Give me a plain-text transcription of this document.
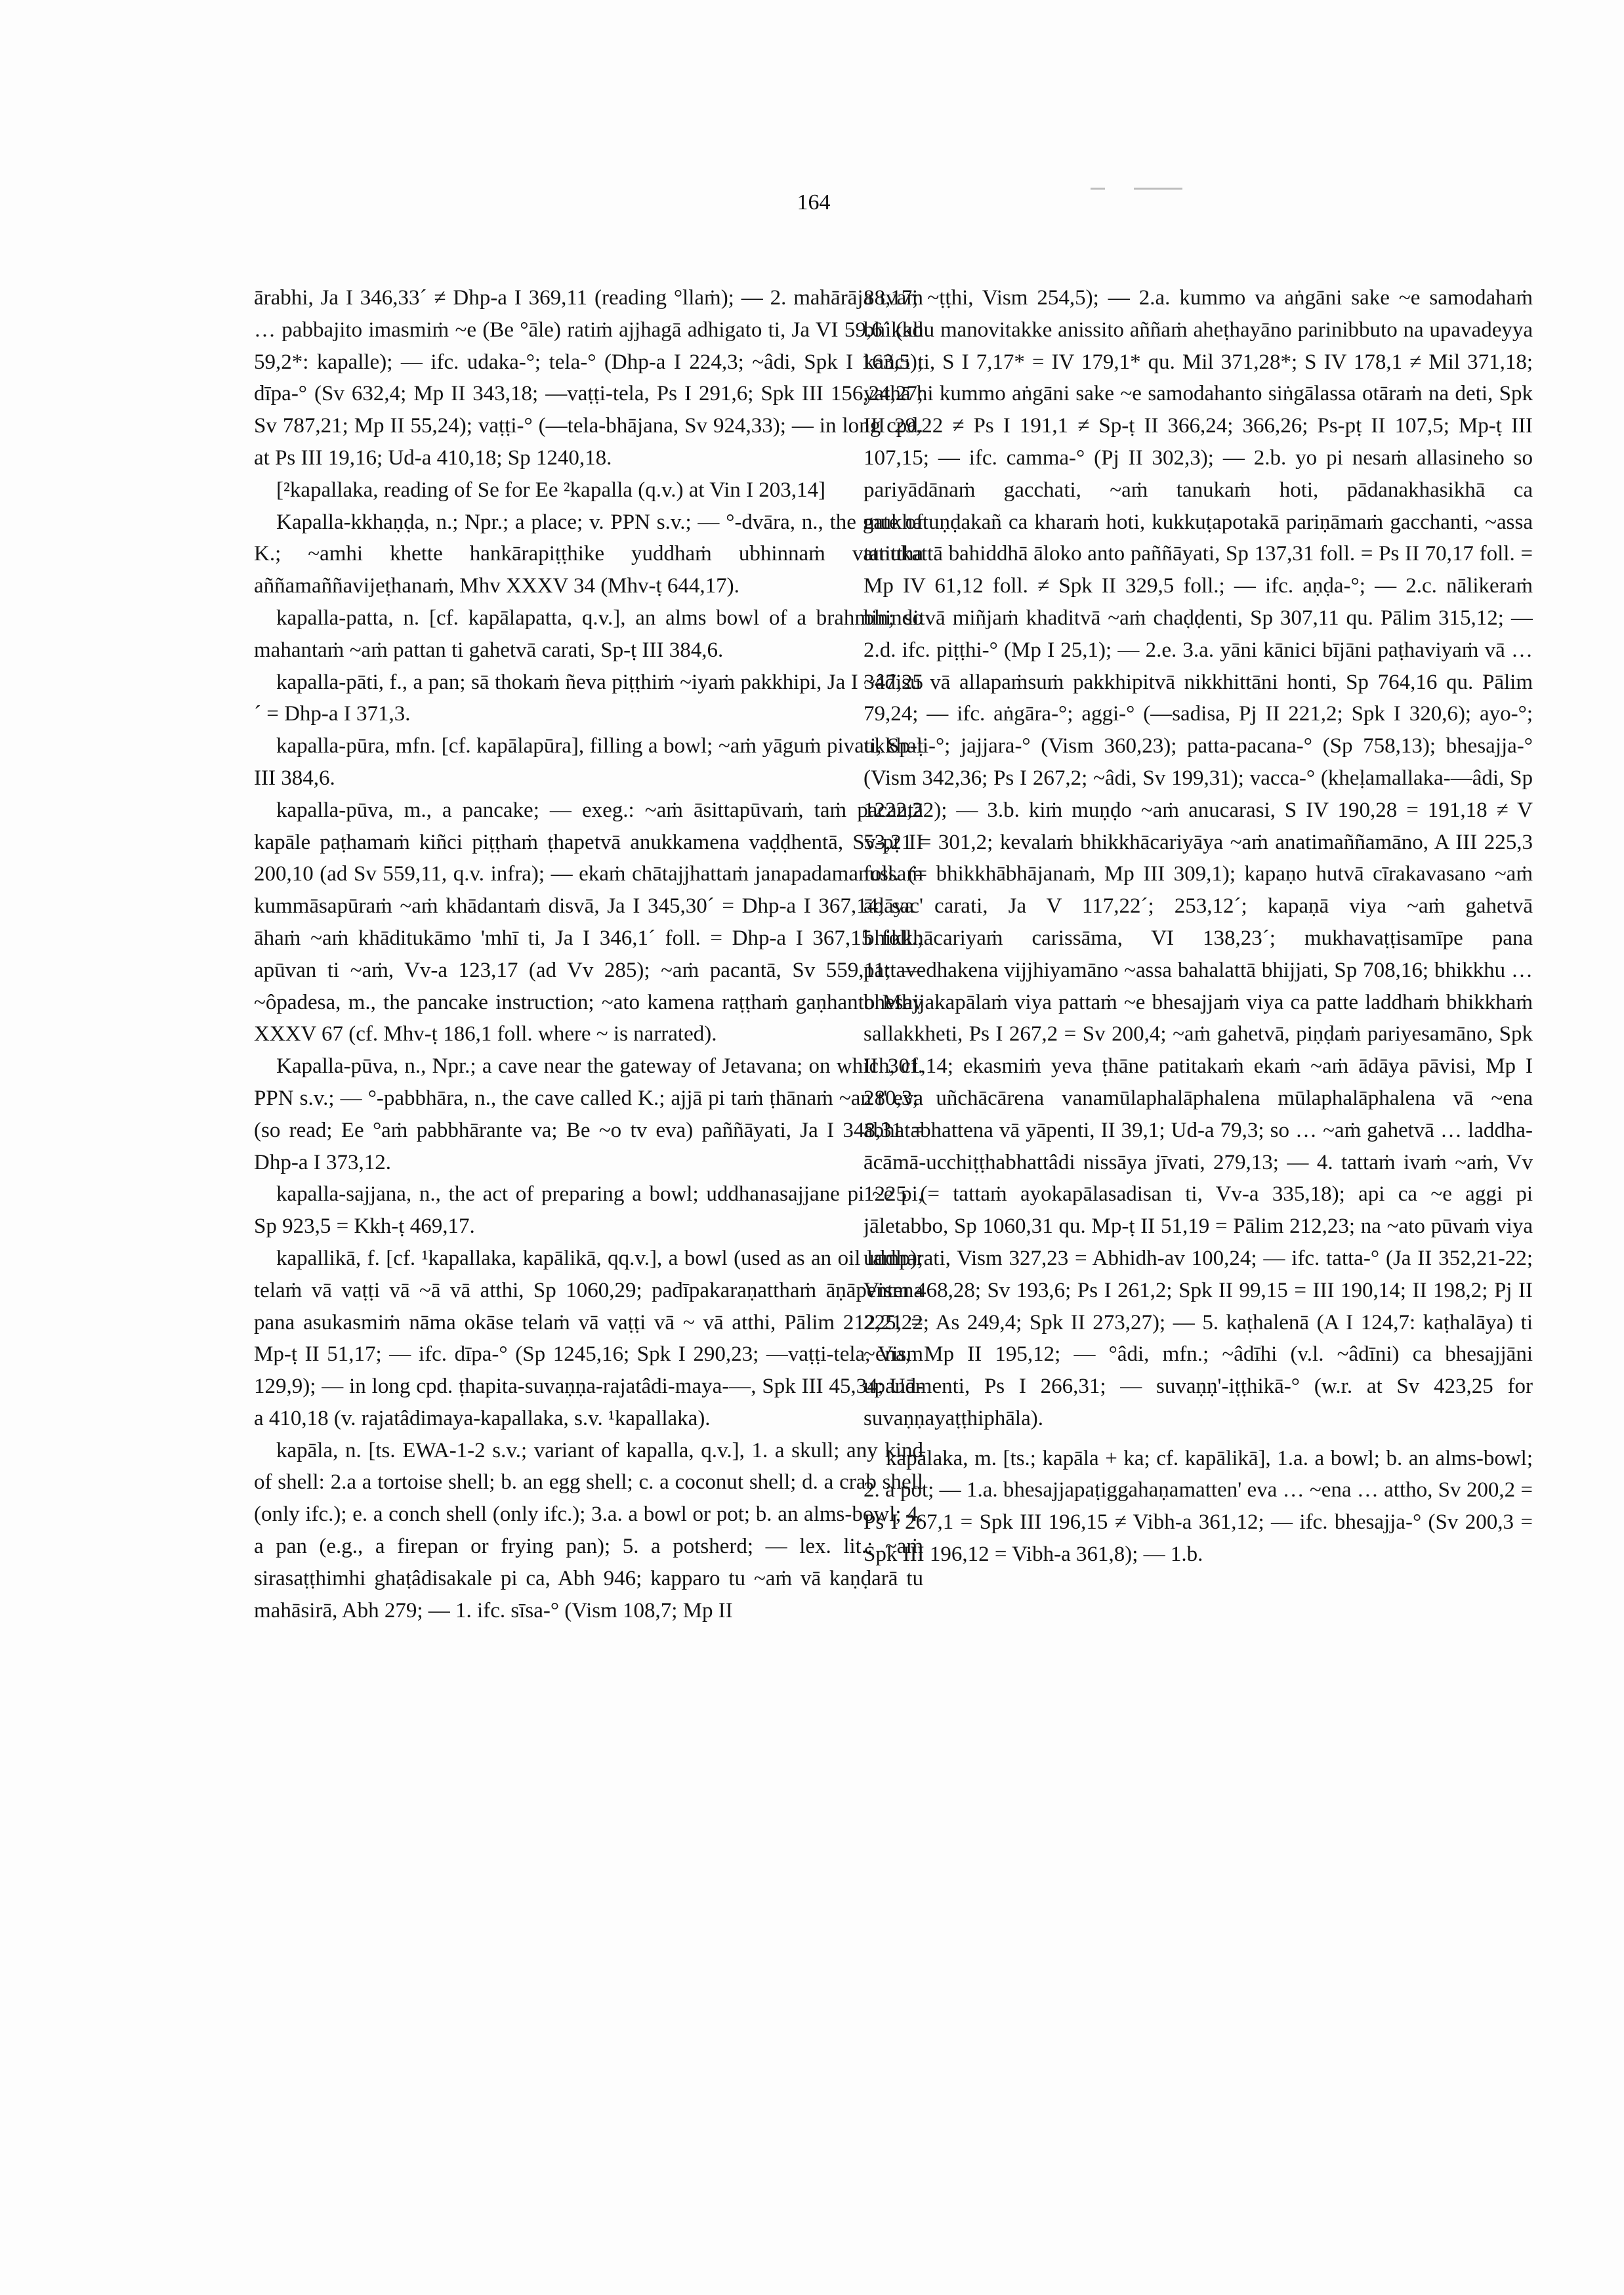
164

ārabhi, Ja I 346,33´ ≠ Dhp-a I 369,11 (reading °llaṁ); — 2. mahārāja tvaṁ … pabbajito imasmiṁ ~e (Be °āle) ratiṁ ajjhagā adhigato ti, Ja VI 59,6´ (ad 59,2*: kapalle); — ifc. udaka-°; tela-° (Dhp-a I 224,3; ~âdi, Spk I 163,5); dīpa-° (Sv 632,4; Mp II 343,18; —vaṭṭi-tela, Ps I 291,6; Spk III 156,24,27; Sv 787,21; Mp II 55,24); vaṭṭi-° (—tela-bhājana, Sv 924,33); — in long cpd. at Ps III 19,16; Ud-a 410,18; Sp 1240,18.

[²kapallaka, reading of Se for Ee ²kapalla (q.v.) at Vin I 203,14]

Kapalla-kkhaṇḍa, n.; Npr.; a place; v. PPN s.v.; — °-dvāra, n., the gate of K.; ~amhi khette hankārapiṭṭhike yuddhaṁ ubhinnaṁ vattittha aññamaññavijeṭhanaṁ, Mhv XXXV 34 (Mhv-ṭ 644,17).

kapalla-patta, n. [cf. kapālapatta, q.v.], an alms bowl of a brahmin; so mahantaṁ ~aṁ pattan ti gahetvā carati, Sp-ṭ III 384,6.

kapalla-pāti, f., a pan; sā thokaṁ ñeva piṭṭhiṁ ~iyaṁ pakkhipi, Ja I 347,25´ = Dhp-a I 371,3.

kapalla-pūra, mfn. [cf. kapālapūra], filling a bowl; ~aṁ yāguṁ pivati, Sp-ṭ III 384,6.

kapalla-pūva, m., a pancake; — exeg.: ~aṁ āsittapūvaṁ, taṁ pacantā kapāle paṭhamaṁ kiñci piṭṭhaṁ ṭhapetvā anukkamena vaḍḍhentā, Sv-pṭ II 200,10 (ad Sv 559,11, q.v. infra); — ekaṁ chātajjhattaṁ janapadamanussaṁ kummāsapūraṁ ~aṁ khādantaṁ disvā, Ja I 345,30´ = Dhp-a I 367,14; sac' āhaṁ ~aṁ khāditukāmo 'mhī ti, Ja I 346,1´ foll. = Dhp-a I 367,15 foll.; apūvan ti ~aṁ, Vv-a 123,17 (ad Vv 285); ~aṁ pacantā, Sv 559,11; — ~ôpadesa, m., the pancake instruction; ~ato kamena raṭṭhaṁ gaṇhanto Mhv XXXV 67 (cf. Mhv-ṭ 186,1 foll. where ~ is narrated).

Kapalla-pūva, n., Npr.; a cave near the gateway of Jetavana; on which, cf. PPN s.v.; — °-pabbhāra, n., the cave called K.; ajjā pi taṁ ṭhānaṁ ~an t' eva (so read; Ee °aṁ pabbhārante va; Be ~o tv eva) paññāyati, Ja I 348,31 = Dhp-a I 373,12.

kapalla-sajjana, n., the act of preparing a bowl; uddhanasajjane pi ~e pi, Sp 923,5 = Kkh-ṭ 469,17.

kapallikā, f. [cf. ¹kapallaka, kapālikā, qq.v.], a bowl (used as an oil lamp); telaṁ vā vaṭṭi vā ~ā vā atthi, Sp 1060,29; padīpakaraṇatthaṁ āṇāpentena pana asukasmiṁ nāma okāse telaṁ vā vaṭṭi vā ~ vā atthi, Pālim 212,21 = Mp-ṭ II 51,17; — ifc. dīpa-° (Sp 1245,16; Spk I 290,23; —vaṭṭi-tela, Vism 129,9); — in long cpd. ṭhapita-suvaṇṇa-rajatâdi-maya-—, Spk III 45,34; Ud-a 410,18 (v. rajatâdimaya-kapallaka, s.v. ¹kapallaka).

kapāla, n. [ts. EWA-1-2 s.v.; variant of kapalla, q.v.], 1. a skull; any kind of shell: 2.a a tortoise shell; b. an egg shell; c. a coconut shell; d. a crab shell (only ifc.); e. a conch shell (only ifc.); 3.a. a bowl or pot; b. an alms-bowl; 4. a pan (e.g., a firepan or frying pan); 5. a potsherd; — lex. lit.: ~aṁ sirasaṭṭhimhi ghaṭâdisakale pi ca, Abh 946; kapparo tu ~aṁ vā kaṇḍarā tu mahāsirā, Abh 279; — 1. ifc. sīsa-° (Vism 108,7; Mp II

88,17; ~ṭṭhi, Vism 254,5); — 2.a. kummo va aṅgāni sake ~e samodahaṁ bhikkhu manovitakke anissito aññaṁ aheṭhayāno parinibbuto na upavadeyya kañci ti, S I 7,17* = IV 179,1* qu. Mil 371,28*; S IV 178,1 ≠ Mil 371,18; yathā hi kummo aṅgāni sake ~e samodahanto siṅgālassa otāraṁ na deti, Spk III 29,22 ≠ Ps I 191,1 ≠ Sp-ṭ II 366,24; 366,26; Ps-pṭ II 107,5; Mp-ṭ III 107,15; — ifc. camma-° (Pj II 302,3); — 2.b. yo pi nesaṁ allasineho so pariyādānaṁ gacchati, ~aṁ tanukaṁ hoti, pādanakhasikhā ca mukhatuṇḍakañ ca kharaṁ hoti, kukkuṭapotakā pariṇāmaṁ gacchanti, ~assa tanukattā bahiddhā āloko anto paññāyati, Sp 137,31 foll. = Ps II 70,17 foll. = Mp IV 61,12 foll. ≠ Spk II 329,5 foll.; — ifc. aṇḍa-°; — 2.c. nālikeraṁ bhinditvā miñjaṁ khaditvā ~aṁ chaḍḍenti, Sp 307,11 qu. Pālim 315,12; — 2.d. ifc. piṭṭhi-° (Mp I 25,1); — 2.e. 3.a. yāni kānici bījāni paṭhaviyaṁ vā … ~âdisu vā allapaṁsuṁ pakkhipitvā nikkhittāni honti, Sp 764,16 qu. Pālim 79,24; — ifc. aṅgāra-°; aggi-° (—sadisa, Pj II 221,2; Spk I 320,6); ayo-°; ukkhali-°; jajjara-° (Vism 360,23); patta-pacana-° (Sp 758,13); bhesajja-° (Vism 342,36; Ps I 267,2; ~âdi, Sv 199,31); vacca-° (kheḷamallaka-—âdi, Sp 1222,22); — 3.b. kiṁ muṇḍo ~aṁ anucarasi, S IV 190,28 = 191,18 ≠ V 53,21 = 301,2; kevalaṁ bhikkhācariyāya ~aṁ anatimaññamāno, A III 225,3 foll. (= bhikkhābhājanaṁ, Mp III 309,1); kapaṇo hutvā cīrakavasano ~aṁ ādāya carati, Ja V 117,22´; 253,12´; kapaṇā viya ~aṁ gahetvā bhikkhācariyaṁ carissāma, VI 138,23´; mukhavaṭṭisamīpe pana pattavedhakena vijjhiyamāno ~assa bahalattā bhijjati, Sp 708,16; bhikkhu … bhesajjakapālaṁ viya pattaṁ ~e bhesajjaṁ viya ca patte laddhaṁ bhikkhaṁ sallakkheti, Ps I 267,2 = Sv 200,4; ~aṁ gahetvā, piṇḍaṁ pariyesamāno, Spk II 301,14; ekasmiṁ yeva ṭhāne patitakaṁ ekaṁ ~aṁ ādāya pāvisi, Mp I 280,3; uñchācārena vanamūlaphalāphalena mūlaphalāphalena vā ~ena ābhatabhattena vā yāpenti, II 39,1; Ud-a 79,3; so … ~aṁ gahetvā … laddha-ācāmā-ucchiṭṭhabhattâdi nissāya jīvati, 279,13; — 4. tattaṁ ivaṁ ~aṁ, Vv 1225 (= tattaṁ ayokapālasadisan ti, Vv-a 335,18); api ca ~e aggi pi jāletabbo, Sp 1060,31 qu. Mp-ṭ II 51,19 = Pālim 212,23; na ~ato pūvaṁ viya uddharati, Vism 327,23 = Abhidh-av 100,24; — ifc. tatta-° (Ja II 352,21-22; Vism 468,28; Sv 193,6; Ps I 261,2; Spk II 99,15 = III 190,14; II 198,2; Pj II 225,22; As 249,4; Spk II 273,27); — 5. kaṭhalenā (A I 124,7: kaṭhalāya) ti ~ena, Mp II 195,12; — °âdi, mfn.; ~âdīhi (v.l. ~âdīni) ca bhesajjāni upanāmenti, Ps I 266,31; — suvaṇṇ'-iṭṭhikā-° (w.r. at Sv 423,25 for suvaṇṇayaṭṭhiphāla).

kapālaka, m. [ts.; kapāla + ka; cf. kapālikā], 1.a. a bowl; b. an alms-bowl; 2. a pot; — 1.a. bhesajjapaṭiggahaṇamatten' eva … ~ena … attho, Sv 200,2 = Ps I 267,1 = Spk III 196,15 ≠ Vibh-a 361,12; — ifc. bhesajja-° (Sv 200,3 = Spk III 196,12 = Vibh-a 361,8); — 1.b.
